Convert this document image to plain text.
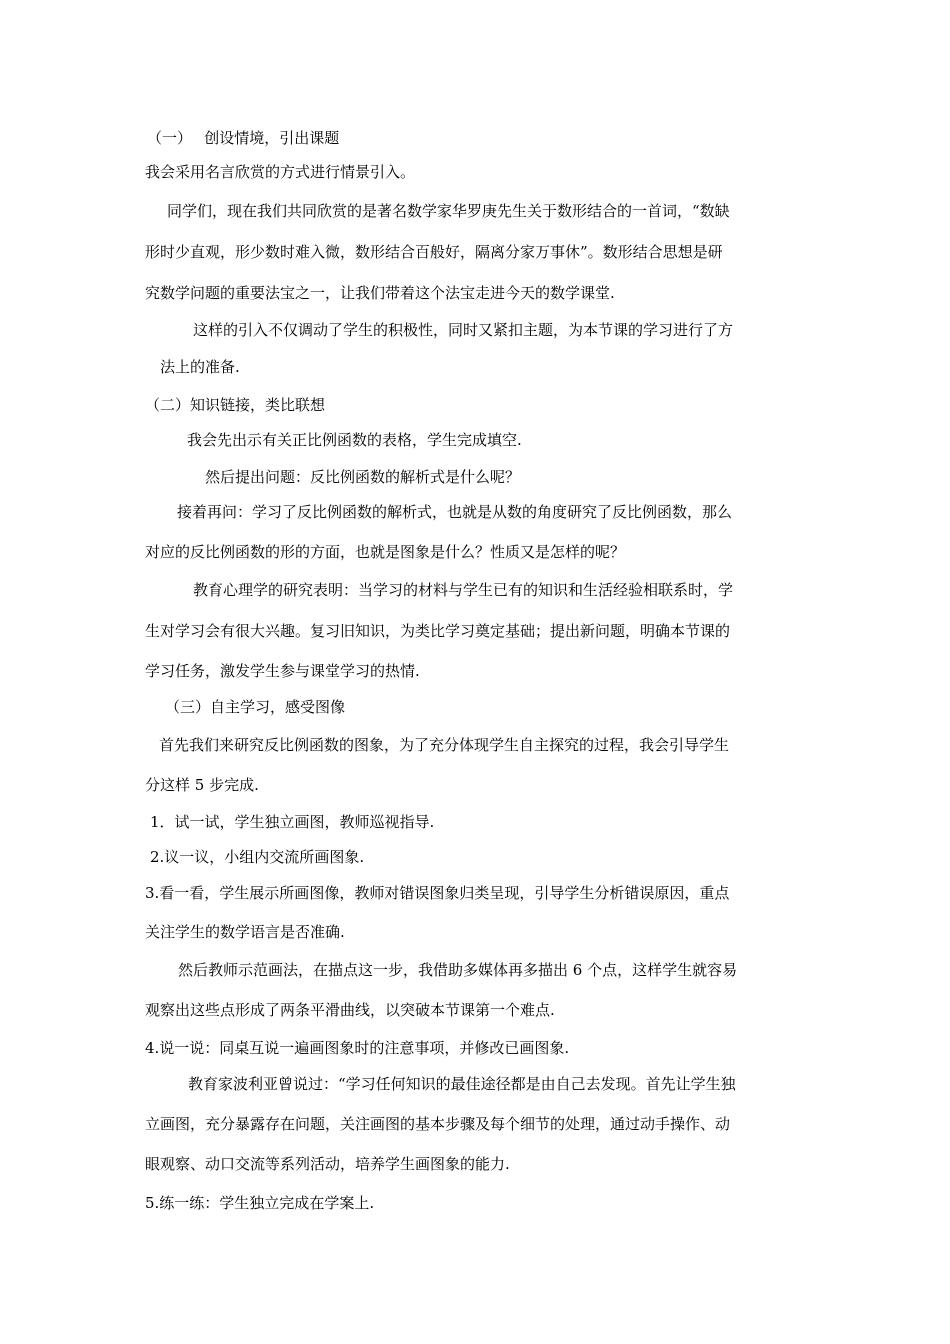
（一）　 创设情境，引出课题
我会采用名言欣赏的方式进行情景引入。
同学们，现在我们共同欣赏的是著名数学家华罗庚先生关于数形结合的一首词，“数缺
形时少直观，形少数时难入微，数形结合百般好，隔离分家万事休”。数形结合思想是研
究数学问题的重要法宝之一，让我们带着这个法宝走进今天的数学课堂.
这样的引入不仅调动了学生的积极性，同时又紧扣主题，为本节课的学习进行了方
法上的准备.
（二）知识链接，类比联想
我会先出示有关正比例函数的表格，学生完成填空.
然后提出问题：反比例函数的解析式是什么呢？
接着再问：学习了反比例函数的解析式，也就是从数的角度研究了反比例函数，那么
对应的反比例函数的形的方面，也就是图象是什么？性质又是怎样的呢？
教育心理学的研究表明：当学习的材料与学生已有的知识和生活经验相联系时，学
生对学习会有很大兴趣。复习旧知识，为类比学习奠定基础；提出新问题，明确本节课的
学习任务，激发学生参与课堂学习的热情.
（三）自主学习，感受图像
首先我们来研究反比例函数的图象，为了充分体现学生自主探究的过程，我会引导学生
分这样 5 步完成.
1．试一试，学生独立画图，教师巡视指导.
2.议一议，小组内交流所画图象.
3.看一看，学生展示所画图像，教师对错误图象归类呈现，引导学生分析错误原因，重点
关注学生的数学语言是否准确.
然后教师示范画法，在描点这一步，我借助多媒体再多描出 6 个点，这样学生就容易
观察出这些点形成了两条平滑曲线，以突破本节课第一个难点.
4.说一说：同桌互说一遍画图象时的注意事项，并修改已画图象.
教育家波利亚曾说过：“学习任何知识的最佳途径都是由自己去发现。首先让学生独
立画图，充分暴露存在问题，关注画图的基本步骤及每个细节的处理，通过动手操作、动
眼观察、动口交流等系列活动，培养学生画图象的能力.
5.练一练：学生独立完成在学案上.
